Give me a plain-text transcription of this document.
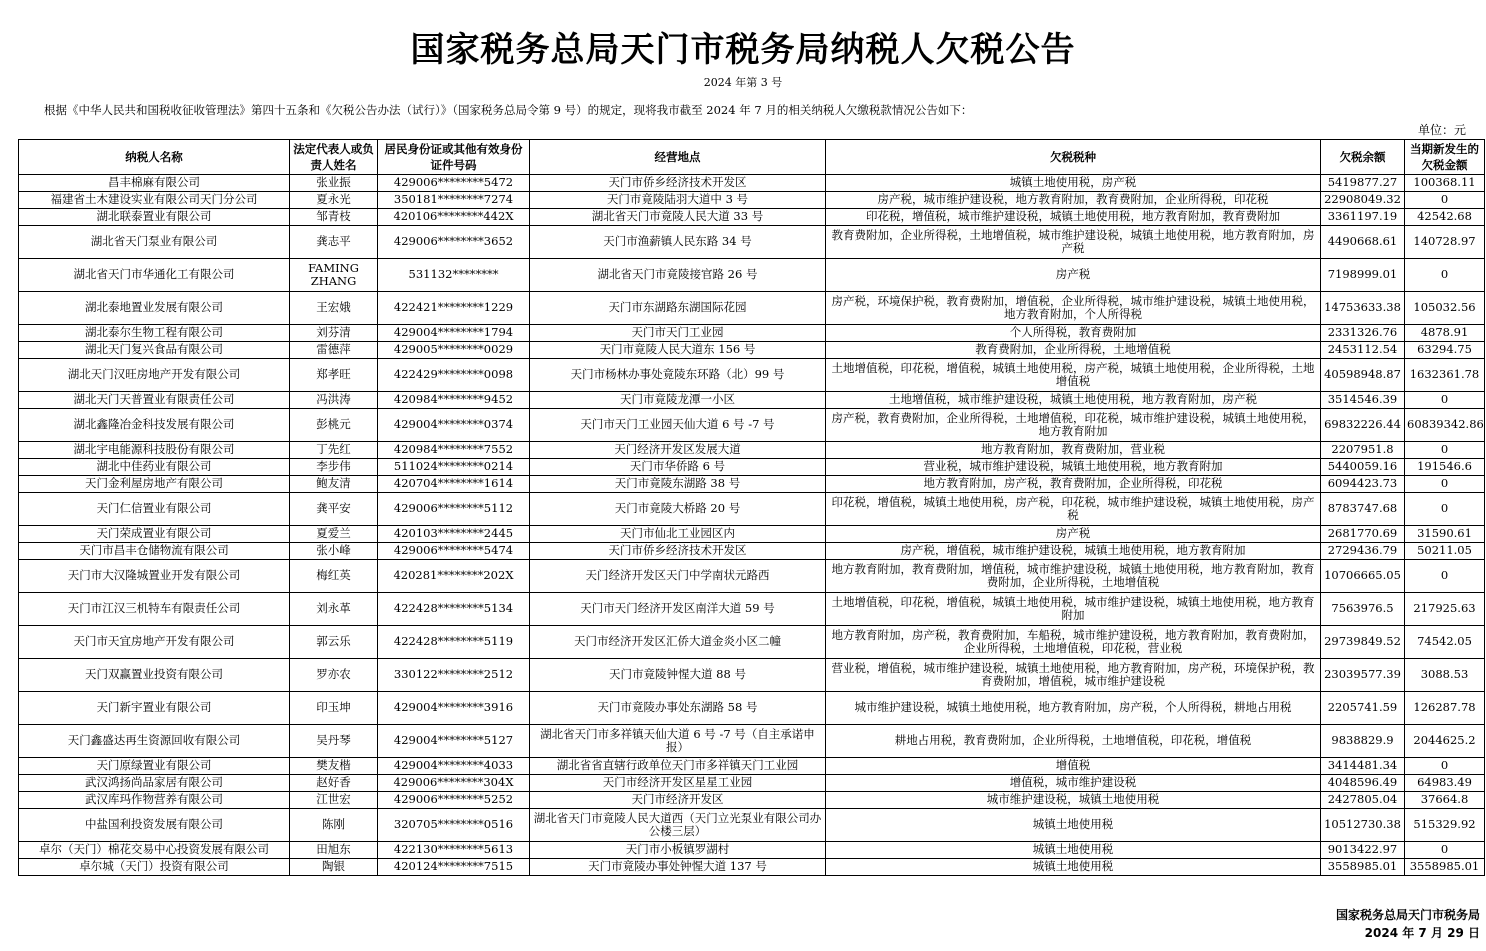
国家税务总局天门市税务局纳税人欠税公告
2024 年第 3 号
根据《中华人民共和国税收征收管理法》第四十五条和《欠税公告办法（试行）》（国家税务总局令第 9 号）的规定，现将我市截至 2024 年 7 月的相关纳税人欠缴税款情况公告如下：
单位：元
纳税人名称	法定代表人或负责人姓名	居民身份证或其他有效身份证件号码	经营地点	欠税税种	欠税余额	当期新发生的欠税金额
昌丰棉麻有限公司	张业振	429006********5472	天门市侨乡经济技术开发区	城镇土地使用税，房产税	5419877.27	100368.11
福建省土木建设实业有限公司天门分公司	夏永光	350181********7274	天门市竟陵陆羽大道中 3 号	房产税，城市维护建设税，地方教育附加，教育费附加，企业所得税，印花税	22908049.32	0
湖北联泰置业有限公司	邹青枝	420106********442X	湖北省天门市竟陵人民大道 33 号	印花税，增值税，城市维护建设税，城镇土地使用税，地方教育附加，教育费附加	3361197.19	42542.68
湖北省天门泵业有限公司	龚志平	429006********3652	天门市渔薪镇人民东路 34 号	教育费附加，企业所得税，土地增值税，城市维护建设税，城镇土地使用税，地方教育附加，房产税	4490668.61	140728.97
湖北省天门市华通化工有限公司	FAMING ZHANG	531132********	湖北省天门市竟陵接官路 26 号	房产税	7198999.01	0
湖北泰地置业发展有限公司	王宏娥	422421********1229	天门市东湖路东湖国际花园	房产税，环境保护税，教育费附加，增值税，企业所得税，城市维护建设税，城镇土地使用税，地方教育附加，个人所得税	14753633.38	105032.56
湖北泰尔生物工程有限公司	刘芬清	429004********1794	天门市天门工业园	个人所得税，教育费附加	2331326.76	4878.91
湖北天门复兴食品有限公司	雷德萍	429005********0029	天门市竟陵人民大道东 156 号	教育费附加，企业所得税，土地增值税	2453112.54	63294.75
湖北天门汉旺房地产开发有限公司	郑孝旺	422429********0098	天门市杨林办事处竟陵东环路（北）99 号	土地增值税，印花税，增值税，城镇土地使用税，房产税，城镇土地使用税，企业所得税，土地增值税	40598948.87	1632361.78
湖北天门天普置业有限责任公司	冯洪涛	420984********9452	天门市竟陵龙潭一小区	土地增值税，城市维护建设税，城镇土地使用税，地方教育附加，房产税	3514546.39	0
湖北鑫隆冶金科技发展有限公司	彭桃元	429004********0374	天门市天门工业园天仙大道 6 号 -7 号	房产税，教育费附加，企业所得税，土地增值税，印花税，城市维护建设税，城镇土地使用税，地方教育附加	69832226.44	60839342.86
湖北宇电能源科技股份有限公司	丁先红	420984********7552	天门经济开发区发展大道	地方教育附加，教育费附加，营业税	2207951.8	0
湖北中佳药业有限公司	李步伟	511024********0214	天门市华侨路 6 号	营业税，城市维护建设税，城镇土地使用税，地方教育附加	5440059.16	191546.6
天门金利屋房地产有限公司	鲍友清	420704********1614	天门市竟陵东湖路 38 号	地方教育附加，房产税，教育费附加，企业所得税，印花税	6094423.73	0
天门仁信置业有限公司	龚平安	429006********5112	天门市竟陵大桥路 20 号	印花税，增值税，城镇土地使用税，房产税，印花税，城市维护建设税，城镇土地使用税，房产税	8783747.68	0
天门荣成置业有限公司	夏爱兰	420103********2445	天门市仙北工业园区内	房产税	2681770.69	31590.61
天门市昌丰仓储物流有限公司	张小峰	429006********5474	天门市侨乡经济技术开发区	房产税，增值税，城市维护建设税，城镇土地使用税，地方教育附加	2729436.79	50211.05
天门市大汉隆城置业开发有限公司	梅红英	420281********202X	天门经济开发区天门中学南状元路西	地方教育附加，教育费附加，增值税，城市维护建设税，城镇土地使用税，地方教育附加，教育费附加，企业所得税，土地增值税	10706665.05	0
天门市江汉三机特车有限责任公司	刘永革	422428********5134	天门市天门经济开发区南洋大道 59 号	土地增值税，印花税，增值税，城镇土地使用税，城市维护建设税，城镇土地使用税，地方教育附加	7563976.5	217925.63
天门市天宜房地产开发有限公司	郭云乐	422428********5119	天门市经济开发区汇侨大道金炎小区二幢	地方教育附加，房产税，教育费附加，车船税，城市维护建设税，地方教育附加，教育费附加，企业所得税，土地增值税，印花税，营业税	29739849.52	74542.05
天门双赢置业投资有限公司	罗亦农	330122********2512	天门市竟陵钟惺大道 88 号	营业税，增值税，城市维护建设税，城镇土地使用税，地方教育附加，房产税，环境保护税，教育费附加，增值税，城市维护建设税	23039577.39	3088.53
天门新宇置业有限公司	印玉坤	429004********3916	天门市竟陵办事处东湖路 58 号	城市维护建设税，城镇土地使用税，地方教育附加，房产税，个人所得税，耕地占用税	2205741.59	126287.78
天门鑫盛达再生资源回收有限公司	吴丹琴	429004********5127	湖北省天门市多祥镇天仙大道 6 号 -7 号（自主承诺申报）	耕地占用税，教育费附加，企业所得税，土地增值税，印花税，增值税	9838829.9	2044625.2
天门原绿置业有限公司	樊友楷	429004********4033	湖北省省直辖行政单位天门市多祥镇天门工业园	增值税	3414481.34	0
武汉鸿扬尚品家居有限公司	赵好香	429006********304X	天门市经济开发区星星工业园	增值税，城市维护建设税	4048596.49	64983.49
武汉库玛作物营养有限公司	江世宏	429006********5252	天门市经济开发区	城市维护建设税，城镇土地使用税	2427805.04	37664.8
中盐国利投资发展有限公司	陈刚	320705********0516	湖北省天门市竟陵人民大道西（天门立光泵业有限公司办公楼三层）	城镇土地使用税	10512730.38	515329.92
卓尔（天门）棉花交易中心投资发展有限公司	田旭东	422130********5613	天门市小板镇罗湖村	城镇土地使用税	9013422.97	0
卓尔城（天门）投资有限公司	陶银	420124********7515	天门市竟陵办事处钟惺大道 137 号	城镇土地使用税	3558985.01	3558985.01
国家税务总局天门市税务局
2024 年 7 月 29 日
